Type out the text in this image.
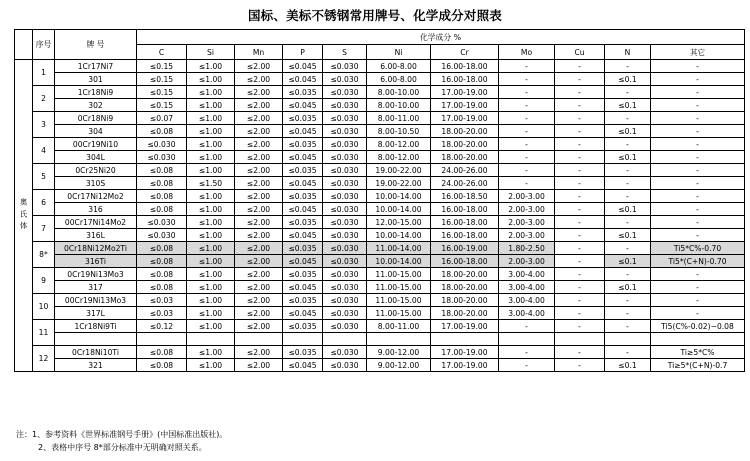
国标、美标不锈钢常用牌号、化学成分对照表
	序号	牌 号	化学成分 %										
			C	Si	Mn	P	S	Ni	Cr	Mo	Cu	N	其它
奥氏体	1	1Cr17Ni7	≤0.15	≤1.00	≤2.00	≤0.045	≤0.030	6.00-8.00	16.00-18.00	-	-	-	-
		301	≤0.15	≤1.00	≤2.00	≤0.045	≤0.030	6.00-8.00	16.00-18.00	-	-	≤0.1	-
	2	1Cr18Ni9	≤0.15	≤1.00	≤2.00	≤0.035	≤0.030	8.00-10.00	17.00-19.00	-	-	-	-
		302	≤0.15	≤1.00	≤2.00	≤0.045	≤0.030	8.00-10.00	17.00-19.00	-	-	≤0.1	-
	3	0Cr18Ni9	≤0.07	≤1.00	≤2.00	≤0.035	≤0.030	8.00-11.00	17.00-19.00	-	-	-	-
		304	≤0.08	≤1.00	≤2.00	≤0.045	≤0.030	8.00-10.50	18.00-20.00	-	-	≤0.1	-
	4	00Cr19Ni10	≤0.030	≤1.00	≤2.00	≤0.035	≤0.030	8.00-12.00	18.00-20.00	-	-	-	-
		304L	≤0.030	≤1.00	≤2.00	≤0.045	≤0.030	8.00-12.00	18.00-20.00	-	-	≤0.1	-
	5	0Cr25Ni20	≤0.08	≤1.00	≤2.00	≤0.035	≤0.030	19.00-22.00	24.00-26.00	-	-	-	-
		310S	≤0.08	≤1.50	≤2.00	≤0.045	≤0.030	19.00-22.00	24.00-26.00	-	-	-	-
	6	0Cr17Ni12Mo2	≤0.08	≤1.00	≤2.00	≤0.035	≤0.030	10.00-14.00	16.00-18.50	2.00-3.00	-	-	-
		316	≤0.08	≤1.00	≤2.00	≤0.045	≤0.030	10.00-14.00	16.00-18.00	2.00-3.00	-	≤0.1	-
	7	00Cr17Ni14Mo2	≤0.030	≤1.00	≤2.00	≤0.035	≤0.030	12.00-15.00	16.00-18.00	2.00-3.00	-	-	-
		316L	≤0.030	≤1.00	≤2.00	≤0.045	≤0.030	10.00-14.00	16.00-18.00	2.00-3.00	-	≤0.1	-
	8*	0Cr18Ni12Mo2Ti	≤0.08	≤1.00	≤2.00	≤0.035	≤0.030	11.00-14.00	16.00-19.00	1.80-2.50	-	-	Ti5*C%-0.70
		316Ti	≤0.08	≤1.00	≤2.00	≤0.045	≤0.030	10.00-14.00	16.00-18.00	2.00-3.00	-	≤0.1	Ti5*(C+N)-0.70
	9	0Cr19Ni13Mo3	≤0.08	≤1.00	≤2.00	≤0.035	≤0.030	11.00-15.00	18.00-20.00	3.00-4.00	-	-	-
		317	≤0.08	≤1.00	≤2.00	≤0.045	≤0.030	11.00-15.00	18.00-20.00	3.00-4.00	-	≤0.1	-
	10	00Cr19Ni13Mo3	≤0.03	≤1.00	≤2.00	≤0.035	≤0.030	11.00-15.00	18.00-20.00	3.00-4.00	-	-	-
		317L	≤0.03	≤1.00	≤2.00	≤0.045	≤0.030	11.00-15.00	18.00-20.00	3.00-4.00	-	-	-
	11	1Cr18Ni9Ti	≤0.12	≤1.00	≤2.00	≤0.035	≤0.030	8.00-11.00	17.00-19.00	-	-	-	Ti5(C%-0.02)~0.08

	12	0Cr18Ni10Ti	≤0.08	≤1.00	≤2.00	≤0.035	≤0.030	9.00-12.00	17.00-19.00	-	-	-	Ti≥5*C%
		321	≤0.08	≤1.00	≤2.00	≤0.045	≤0.030	9.00-12.00	17.00-19.00	-	-	≤0.1	Ti≥5*(C+N)-0.7
注：1、参考资料《世界标准钢号手册》(中国标准出版社)。
2、表格中序号 8*部分标准中无明确对照关系。
